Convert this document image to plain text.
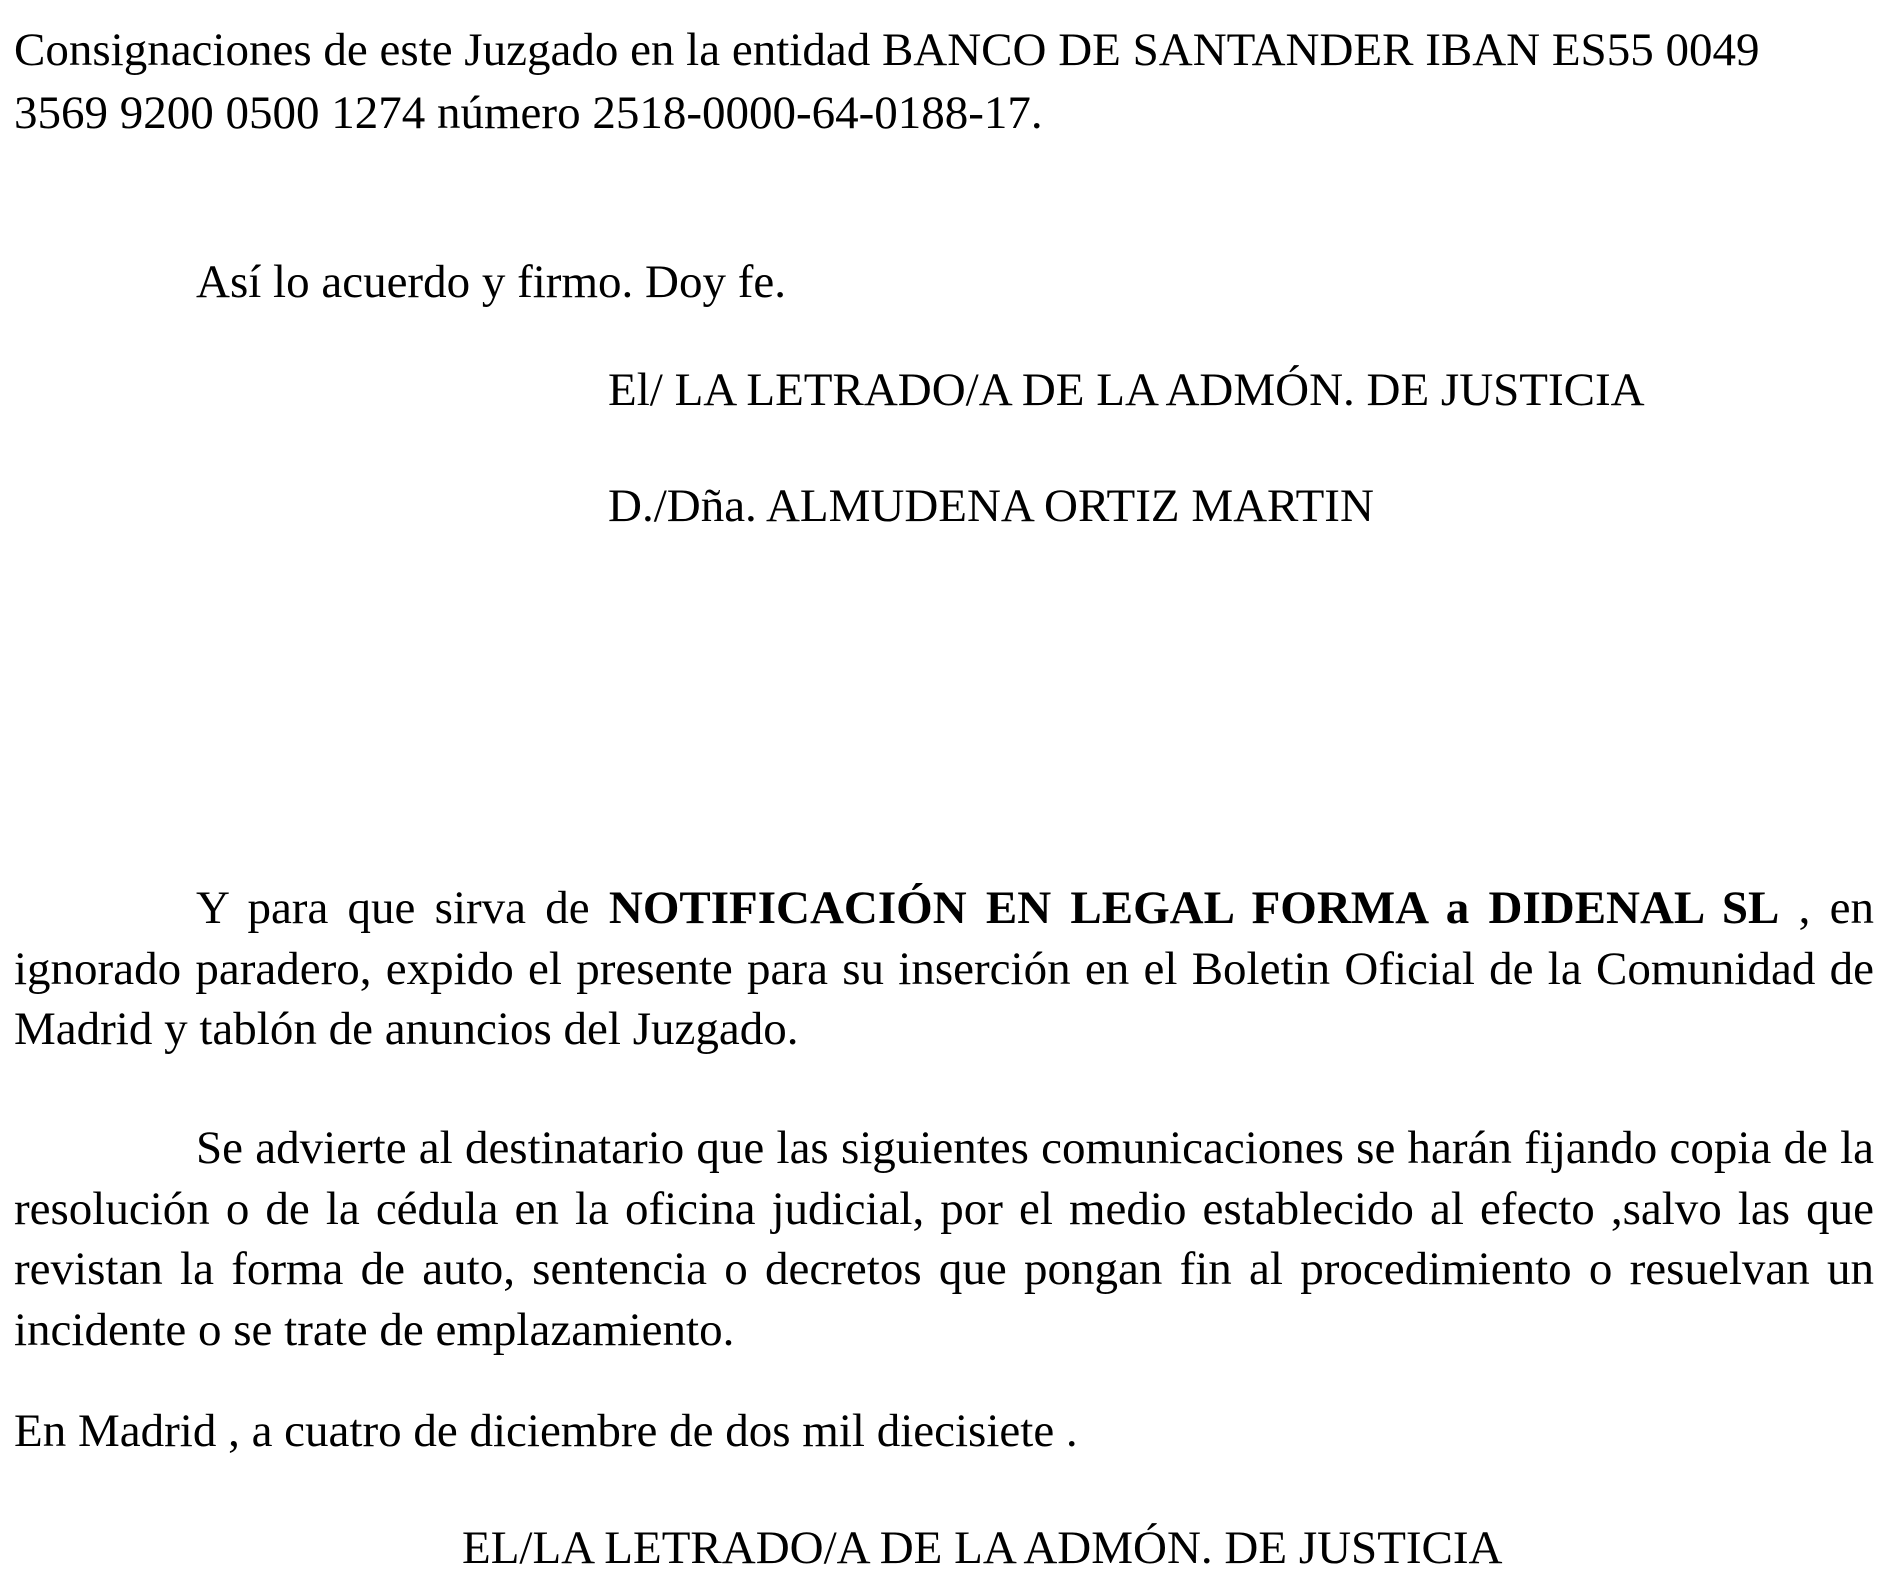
Consignaciones de este Juzgado en la entidad BANCO DE SANTANDER IBAN ES55 0049
3569 9200 0500 1274 número 2518-0000-64-0188-17.
Así lo acuerdo y firmo. Doy fe.
El/ LA LETRADO/A DE LA ADMÓN. DE JUSTICIA
D./Dña. ALMUDENA ORTIZ MARTIN

Y para que sirva de NOTIFICACIÓN EN LEGAL FORMA a DIDENAL SL , en ignorado paradero, expido el presente para su inserción en el Boletin Oficial de la Comunidad de Madrid y tablón de anuncios del Juzgado.

Se advierte al destinatario que las siguientes comunicaciones se harán fijando copia de la resolución o de la cédula en la oficina judicial, por el medio establecido al efecto ,salvo las que revistan la forma de auto, sentencia o decretos que pongan fin al procedimiento o resuelvan un incidente o se trate de emplazamiento.

En Madrid , a cuatro de diciembre de dos mil diecisiete .
EL/LA LETRADO/A DE LA ADMÓN. DE JUSTICIA
